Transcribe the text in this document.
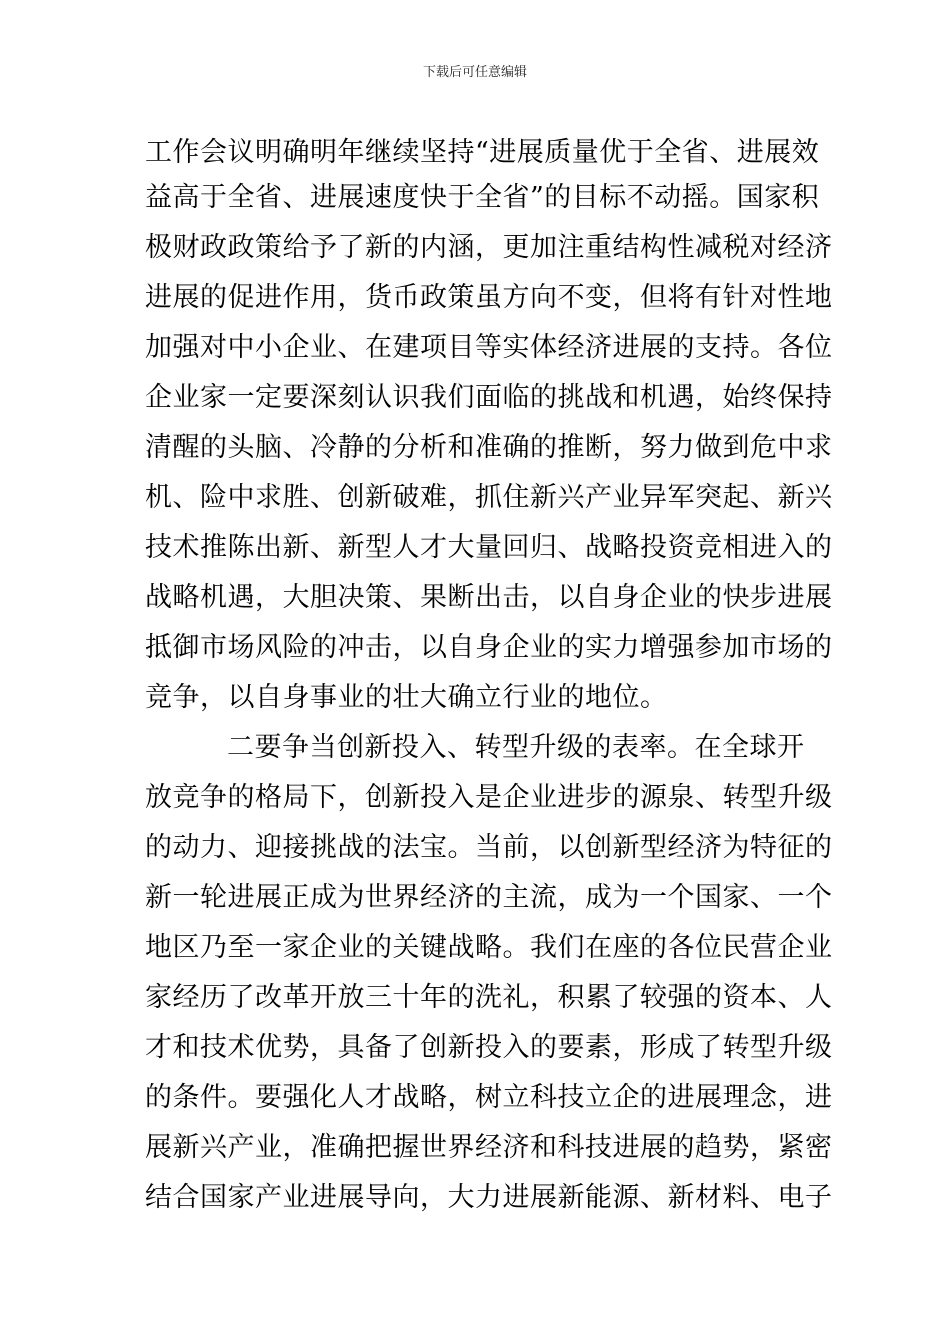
下载后可任意编辑
工作会议明确明年继续坚持“进展质量优于全省、进展效
益高于全省、进展速度快于全省”的目标不动摇。国家积
极财政政策给予了新的内涵，更加注重结构性减税对经济
进展的促进作用，货币政策虽方向不变，但将有针对性地
加强对中小企业、在建项目等实体经济进展的支持。各位
企业家一定要深刻认识我们面临的挑战和机遇，始终保持
清醒的头脑、冷静的分析和准确的推断，努力做到危中求
机、险中求胜、创新破难，抓住新兴产业异军突起、新兴
技术推陈出新、新型人才大量回归、战略投资竞相进入的
战略机遇，大胆决策、果断出击，以自身企业的快步进展
抵御市场风险的冲击，以自身企业的实力增强参加市场的
竞争，以自身事业的壮大确立行业的地位。
二要争当创新投入、转型升级的表率。在全球开
放竞争的格局下，创新投入是企业进步的源泉、转型升级
的动力、迎接挑战的法宝。当前，以创新型经济为特征的
新一轮进展正成为世界经济的主流，成为一个国家、一个
地区乃至一家企业的关键战略。我们在座的各位民营企业
家经历了改革开放三十年的洗礼，积累了较强的资本、人
才和技术优势，具备了创新投入的要素，形成了转型升级
的条件。要强化人才战略，树立科技立企的进展理念，进
展新兴产业，准确把握世界经济和科技进展的趋势，紧密
结合国家产业进展导向，大力进展新能源、新材料、电子
